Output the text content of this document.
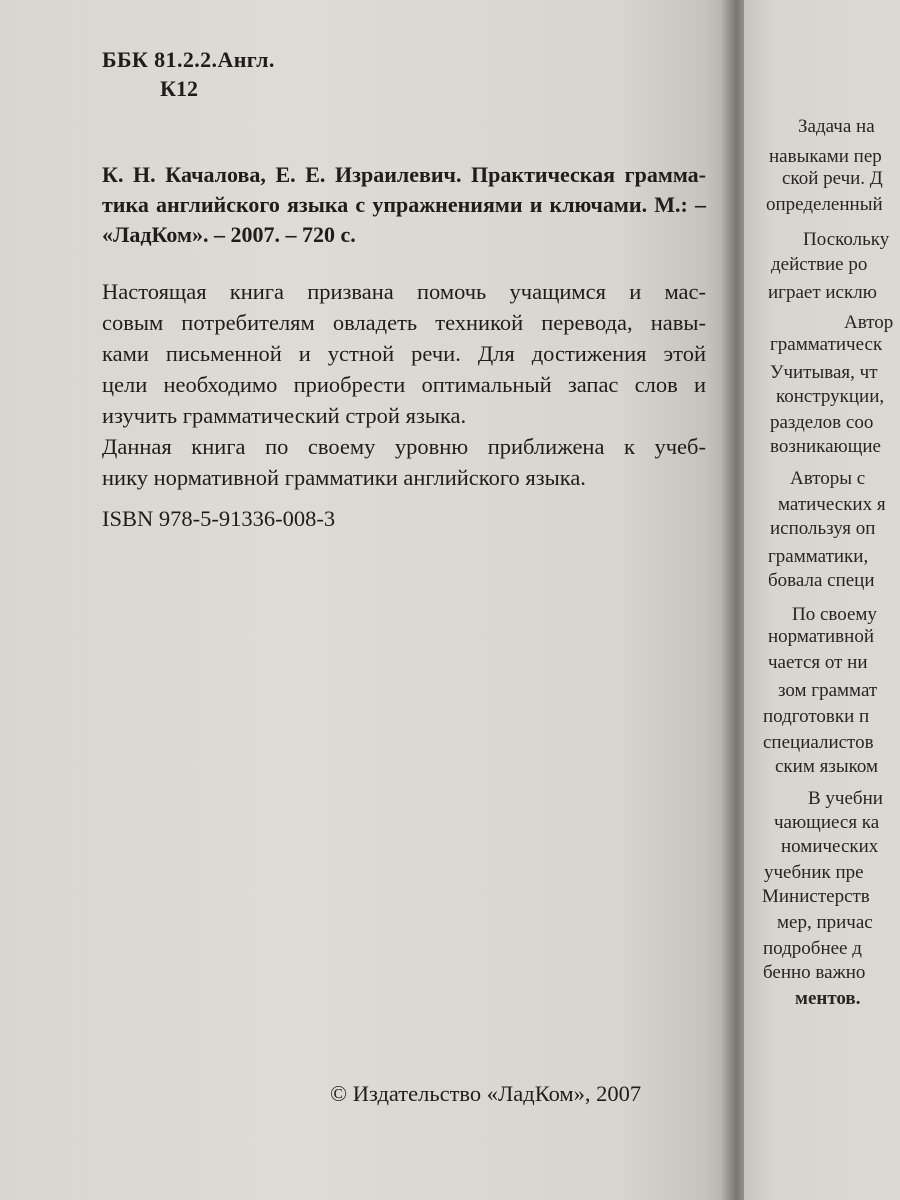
ББК 81.2.2.Англ.
К12
К. Н. Качалова, Е. Е. Израилевич. Практическая грамма-
тика английского языка с упражнениями и ключами. М.: –
«ЛадКом». – 2007. – 720 с.
Настоящая книга призвана помочь учащимся и мас-
совым потребителям овладеть техникой перевода, навы-
ками письменной и устной речи. Для достижения этой
цели необходимо приобрести оптимальный запас слов и
изучить грамматический строй языка.
Данная книга по своему уровню приближена к учеб-
нику нормативной грамматики английского языка.
ISBN 978-5-91336-008-3
© Издательство «ЛадКом», 2007
Задача на
навыками пер
ской речи. Д
определенный
Поскольку
действие ро
играет исклю
Автор
грамматическ
Учитывая, чт
конструкции,
разделов соо
возникающие
Авторы с
матических я
используя оп
грамматики,
бовала специ
По своему
нормативной
чается от ни
зом граммат
подготовки п
специалистов
ским языком
В учебни
чающиеся ка
номических
учебник пре
Министерств
мер, причас
подробнее д
бенно важно
ментов.
